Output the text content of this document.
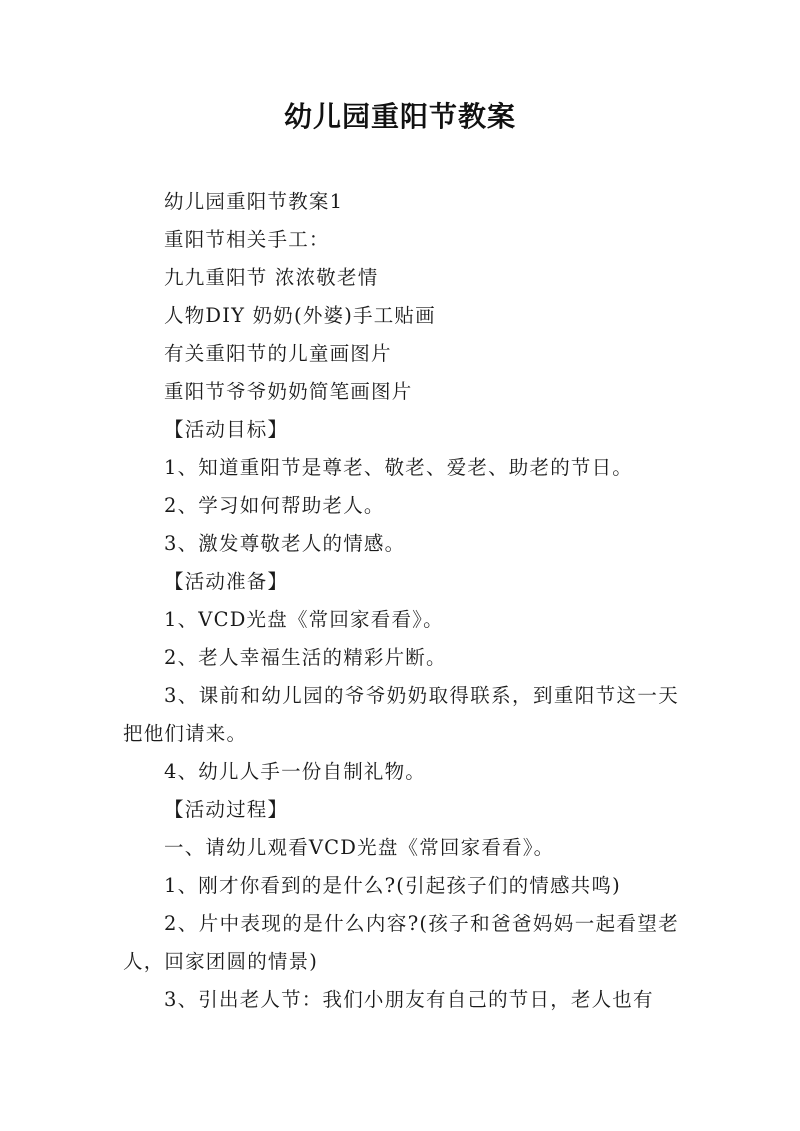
幼儿园重阳节教案

幼儿园重阳节教案1

重阳节相关手工：

九九重阳节 浓浓敬老情

人物DIY 奶奶(外婆)手工贴画

有关重阳节的儿童画图片

重阳节爷爷奶奶简笔画图片

【活动目标】

1、知道重阳节是尊老、敬老、爱老、助老的节日。

2、学习如何帮助老人。

3、激发尊敬老人的情感。

【活动准备】

1、VCD光盘《常回家看看》。

2、老人幸福生活的精彩片断。

3、课前和幼儿园的爷爷奶奶取得联系，到重阳节这一天把他们请来。

4、幼儿人手一份自制礼物。

【活动过程】

一、请幼儿观看VCD光盘《常回家看看》。

1、刚才你看到的是什么?(引起孩子们的情感共鸣)

2、片中表现的是什么内容?(孩子和爸爸妈妈一起看望老人，回家团圆的情景)

3、引出老人节：我们小朋友有自己的节日，老人也有
